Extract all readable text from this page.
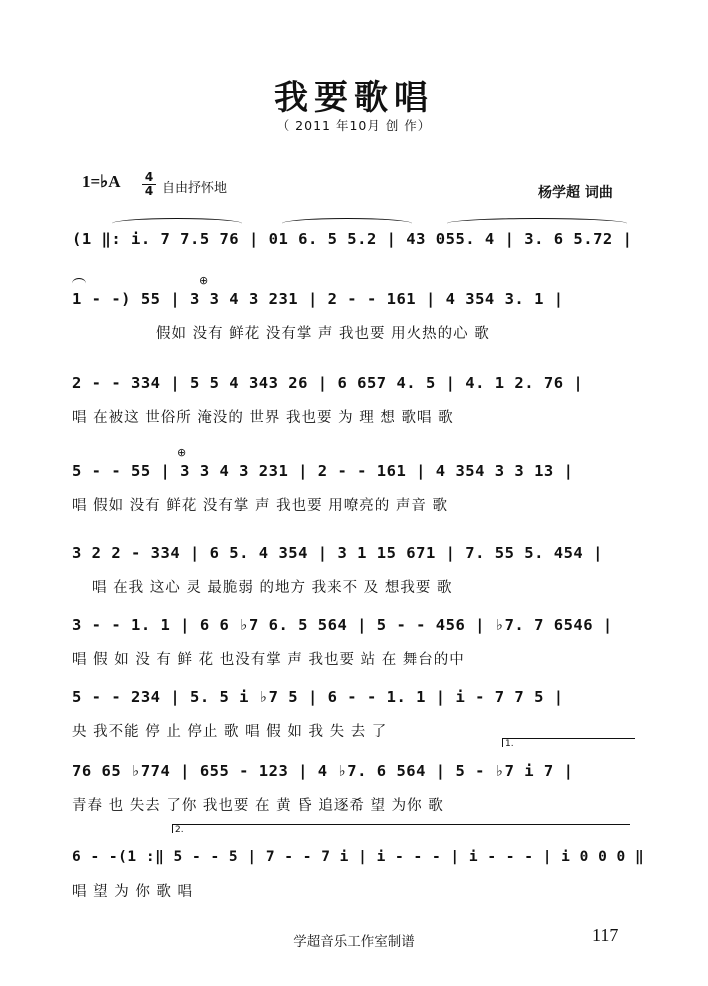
我要歌唱
（ 2011 年10月 创 作）
1=♭A 4
4 自由抒怀地	杨学超 词曲
(1 ‖: i. 7 7.5 76 | 01 6. 5 5.2 | 43 055. 4 | 3. 6 5.72 |
⊕
1 - -) 55 | 3 3 4 3 231 | 2 - - 161 | 4 354 3. 1 |
假如 没有 鲜花 没有掌 声 我也要 用火热的心 歌
2 - - 334 | 5 5 4 343 26 | 6 657 4. 5 | 4. 1 2. 76 |
唱 在被这 世俗所 淹没的 世界 我也要 为 理 想 歌唱 歌
⊕
5 - - 55 | 3 3 4 3 231 | 2 - - 161 | 4 354 3 3 13 |
唱 假如 没有 鲜花 没有掌 声 我也要 用嘹亮的 声音 歌
3 2 2 - 334 | 6 5. 4 354 | 3 1 15 671 | 7. 55 5. 454 |
唱 在我 这心 灵 最脆弱 的地方 我来不 及 想我要 歌
3 - - 1. 1 | 6 6 ♭7 6. 5 564 | 5 - - 456 | ♭7. 7 6546 |
唱 假 如 没 有 鲜 花 也没有掌 声 我也要 站 在 舞台的中
5 - - 234 | 5. 5 i ♭7 5 | 6 - - 1. 1 | i - 7 7 5 |
央 我不能 停 止 停止 歌 唱 假 如 我 失 去 了
1.
76 65 ♭774 | 655 - 123 | 4 ♭7. 6 564 | 5 - ♭7 i 7 |
青春 也 失去 了你 我也要 在 黄 昏 追逐希 望 为你 歌
2.
6 - -(1 :‖ 5 - - 5 | 7 - - 7 i | i - - - | i - - - | i 0 0 0 ‖
唱 望 为 你 歌 唱
学超音乐工作室制谱	117
